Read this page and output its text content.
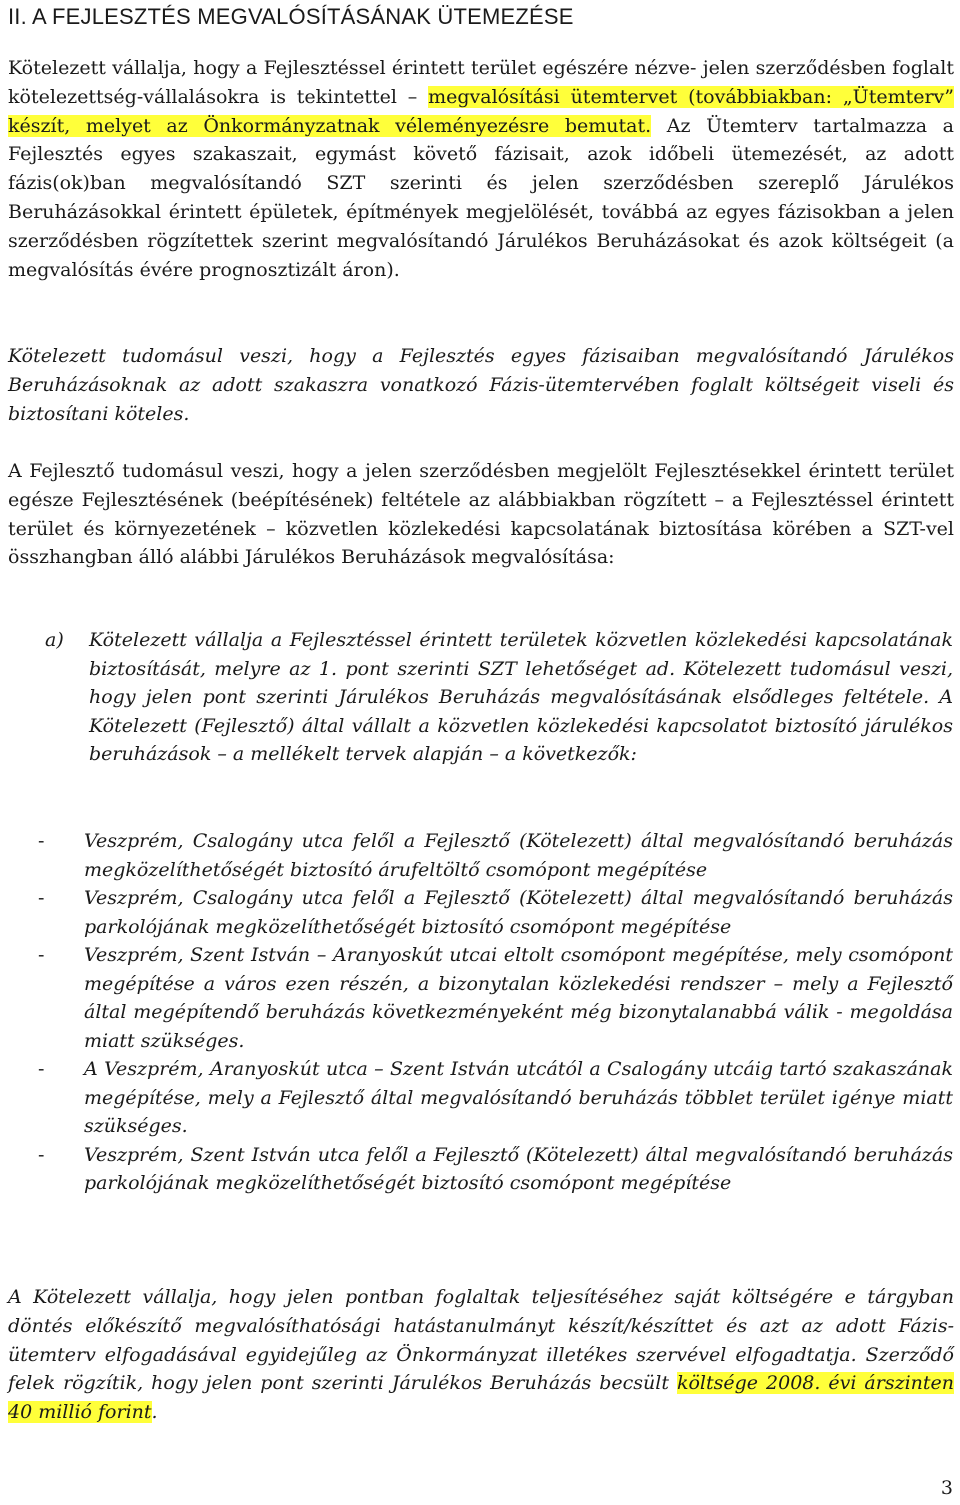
II. A FEJLESZTÉS MEGVALÓSÍTÁSÁNAK ÜTEMEZÉSE

Kötelezett vállalja, hogy a Fejlesztéssel érintett terület egészére nézve- jelen szerződésben foglalt kötelezettség-vállalásokra is tekintettel – megvalósítási ütemtervet (továbbiakban: „Ütemterv” készít, melyet az Önkormányzatnak véleményezésre bemutat. Az Ütemterv tartalmazza a Fejlesztés egyes szakaszait, egymást követő fázisait, azok időbeli ütemezését, az adott fázis(ok)ban megvalósítandó SZT szerinti és jelen szerződésben szereplő Járulékos Beruházásokkal érintett épületek, építmények megjelölését, továbbá az egyes fázisokban a jelen szerződésben rögzítettek szerint megvalósítandó Járulékos Beruházásokat és azok költségeit (a megvalósítás évére prognosztizált áron).

Kötelezett tudomásul veszi, hogy a Fejlesztés egyes fázisaiban megvalósítandó Járulékos Beruházásoknak az adott szakaszra vonatkozó Fázis-ütemtervében foglalt költségeit viseli és biztosítani köteles.

A Fejlesztő tudomásul veszi, hogy a jelen szerződésben megjelölt Fejlesztésekkel érintett terület egésze Fejlesztésének (beépítésének) feltétele az alábbiakban rögzített – a Fejlesztéssel érintett terület és környezetének – közvetlen közlekedési kapcsolatának biztosítása körében a SZT-vel összhangban álló alábbi Járulékos Beruházások megvalósítása:

a) Kötelezett vállalja a Fejlesztéssel érintett területek közvetlen közlekedési kapcsolatának biztosítását, melyre az 1. pont szerinti SZT lehetőséget ad. Kötelezett tudomásul veszi, hogy jelen pont szerinti Járulékos Beruházás megvalósításának elsődleges feltétele. A Kötelezett (Fejlesztő) által vállalt a közvetlen közlekedési kapcsolatot biztosító járulékos beruházások – a mellékelt tervek alapján – a következők:
- Veszprém, Csalogány utca felől a Fejlesztő (Kötelezett) által megvalósítandó beruházás megközelíthetőségét biztosító árufeltöltő csomópont megépítése
- Veszprém, Csalogány utca felől a Fejlesztő (Kötelezett) által megvalósítandó beruházás parkolójának megközelíthetőségét biztosító csomópont megépítése
- Veszprém, Szent István – Aranyoskút utcai eltolt csomópont megépítése, mely csomópont megépítése a város ezen részén, a bizonytalan közlekedési rendszer – mely a Fejlesztő által megépítendő beruházás következményeként még bizonytalanabbá válik - megoldása miatt szükséges.
- A Veszprém, Aranyoskút utca – Szent István utcától a Csalogány utcáig tartó szakaszának megépítése, mely a Fejlesztő által megvalósítandó beruházás többlet terület igénye miatt szükséges.
- Veszprém, Szent István utca felől a Fejlesztő (Kötelezett) által megvalósítandó beruházás parkolójának megközelíthetőségét biztosító csomópont megépítése

A Kötelezett vállalja, hogy jelen pontban foglaltak teljesítéséhez saját költségére e tárgyban döntés előkészítő megvalósíthatósági hatástanulmányt készít/készíttet és azt az adott Fázis-ütemterv elfogadásával egyidejűleg az Önkormányzat illetékes szervével elfogadtatja. Szerződő felek rögzítik, hogy jelen pont szerinti Járulékos Beruházás becsült költsége 2008. évi árszinten 40 millió forint.

3
